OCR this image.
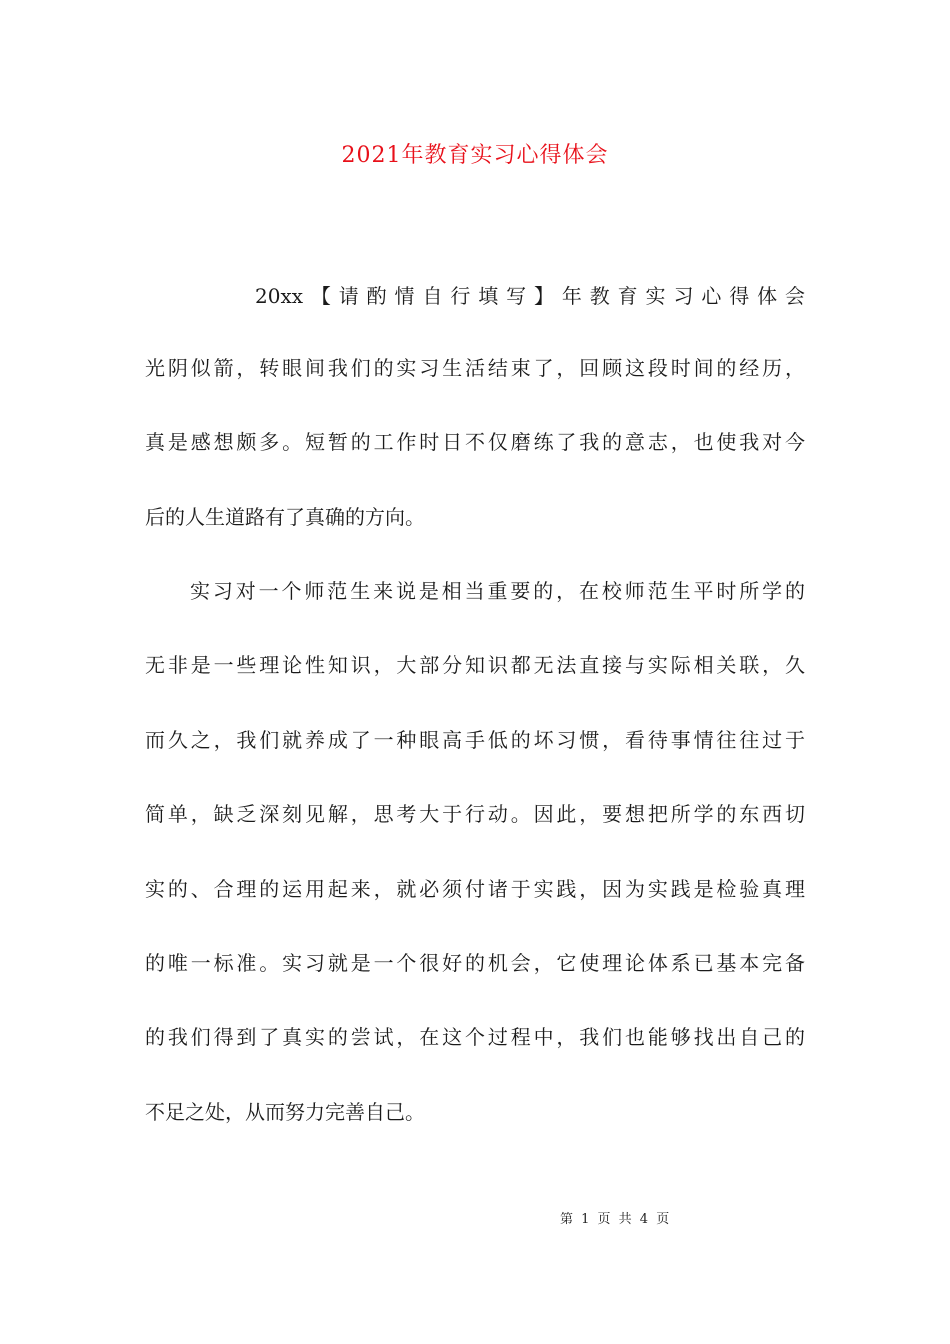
2021年教育实习心得体会
20xx【请酌情自行填写】年教育实习心得体会
光阴似箭，转眼间我们的实习生活结束了，回顾这段时间的经历，
真是感想颇多。短暂的工作时日不仅磨练了我的意志，也使我对今
后的人生道路有了真确的方向。
实习对一个师范生来说是相当重要的，在校师范生平时所学的
无非是一些理论性知识，大部分知识都无法直接与实际相关联，久
而久之，我们就养成了一种眼高手低的坏习惯，看待事情往往过于
简单，缺乏深刻见解，思考大于行动。因此，要想把所学的东西切
实的、合理的运用起来，就必须付诸于实践，因为实践是检验真理
的唯一标准。实习就是一个很好的机会，它使理论体系已基本完备
的我们得到了真实的尝试，在这个过程中，我们也能够找出自己的
不足之处，从而努力完善自己。
第 1 页 共 4 页
